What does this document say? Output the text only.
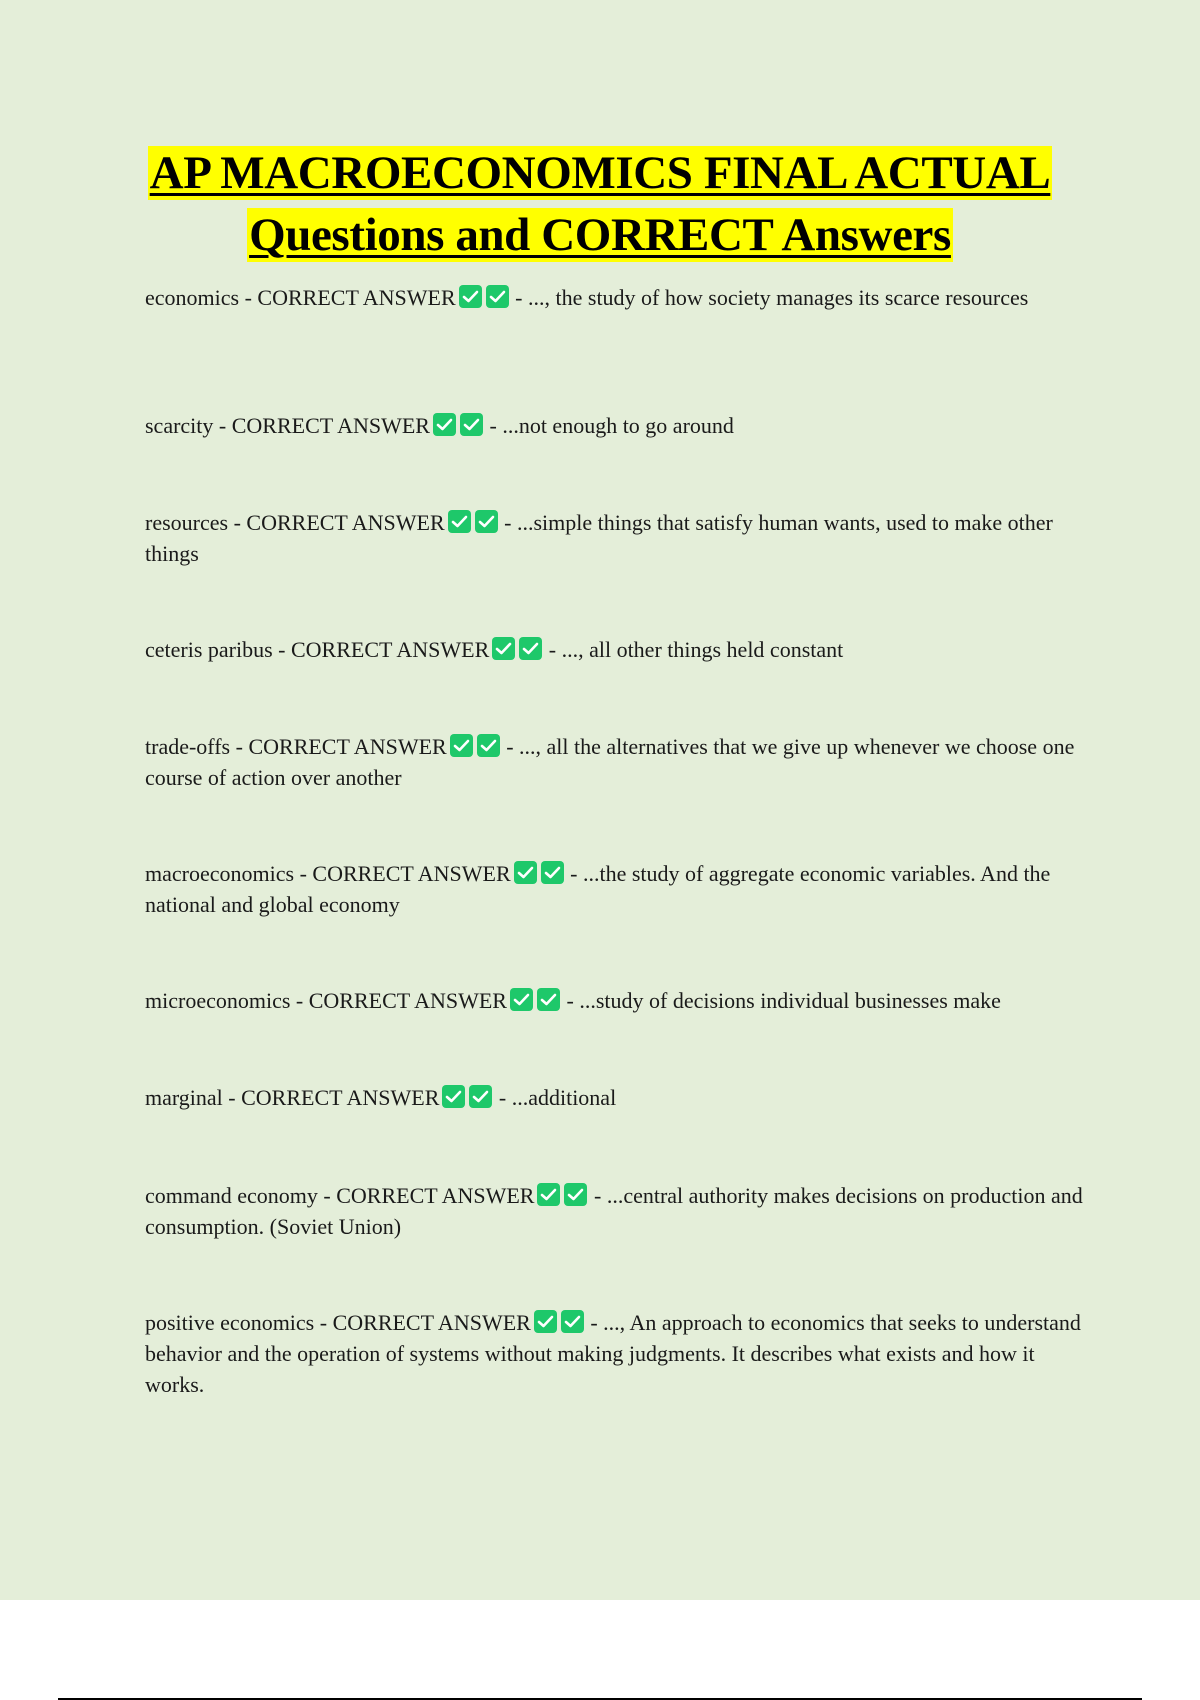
AP MACROECONOMICS FINAL ACTUAL
Questions and CORRECT Answers

economics - CORRECT ANSWER
- ..., the study of how society manages its scarce resources

scarcity - CORRECT ANSWER
- ...not enough to go around

resources - CORRECT ANSWER
- ...simple things that satisfy human wants, used to make other things

ceteris paribus - CORRECT ANSWER
- ..., all other things held constant

trade-offs - CORRECT ANSWER
- ..., all the alternatives that we give up whenever we choose one course of action over another

macroeconomics - CORRECT ANSWER
- ...the study of aggregate economic variables. And the national and global economy

microeconomics - CORRECT ANSWER
- ...study of decisions individual businesses make

marginal - CORRECT ANSWER
- ...additional

command economy - CORRECT ANSWER
- ...central authority makes decisions on production and consumption. (Soviet Union)

positive economics - CORRECT ANSWER
- ..., An approach to economics that seeks to understand behavior and the operation of systems without making judgments. It describes what exists and how it works.
